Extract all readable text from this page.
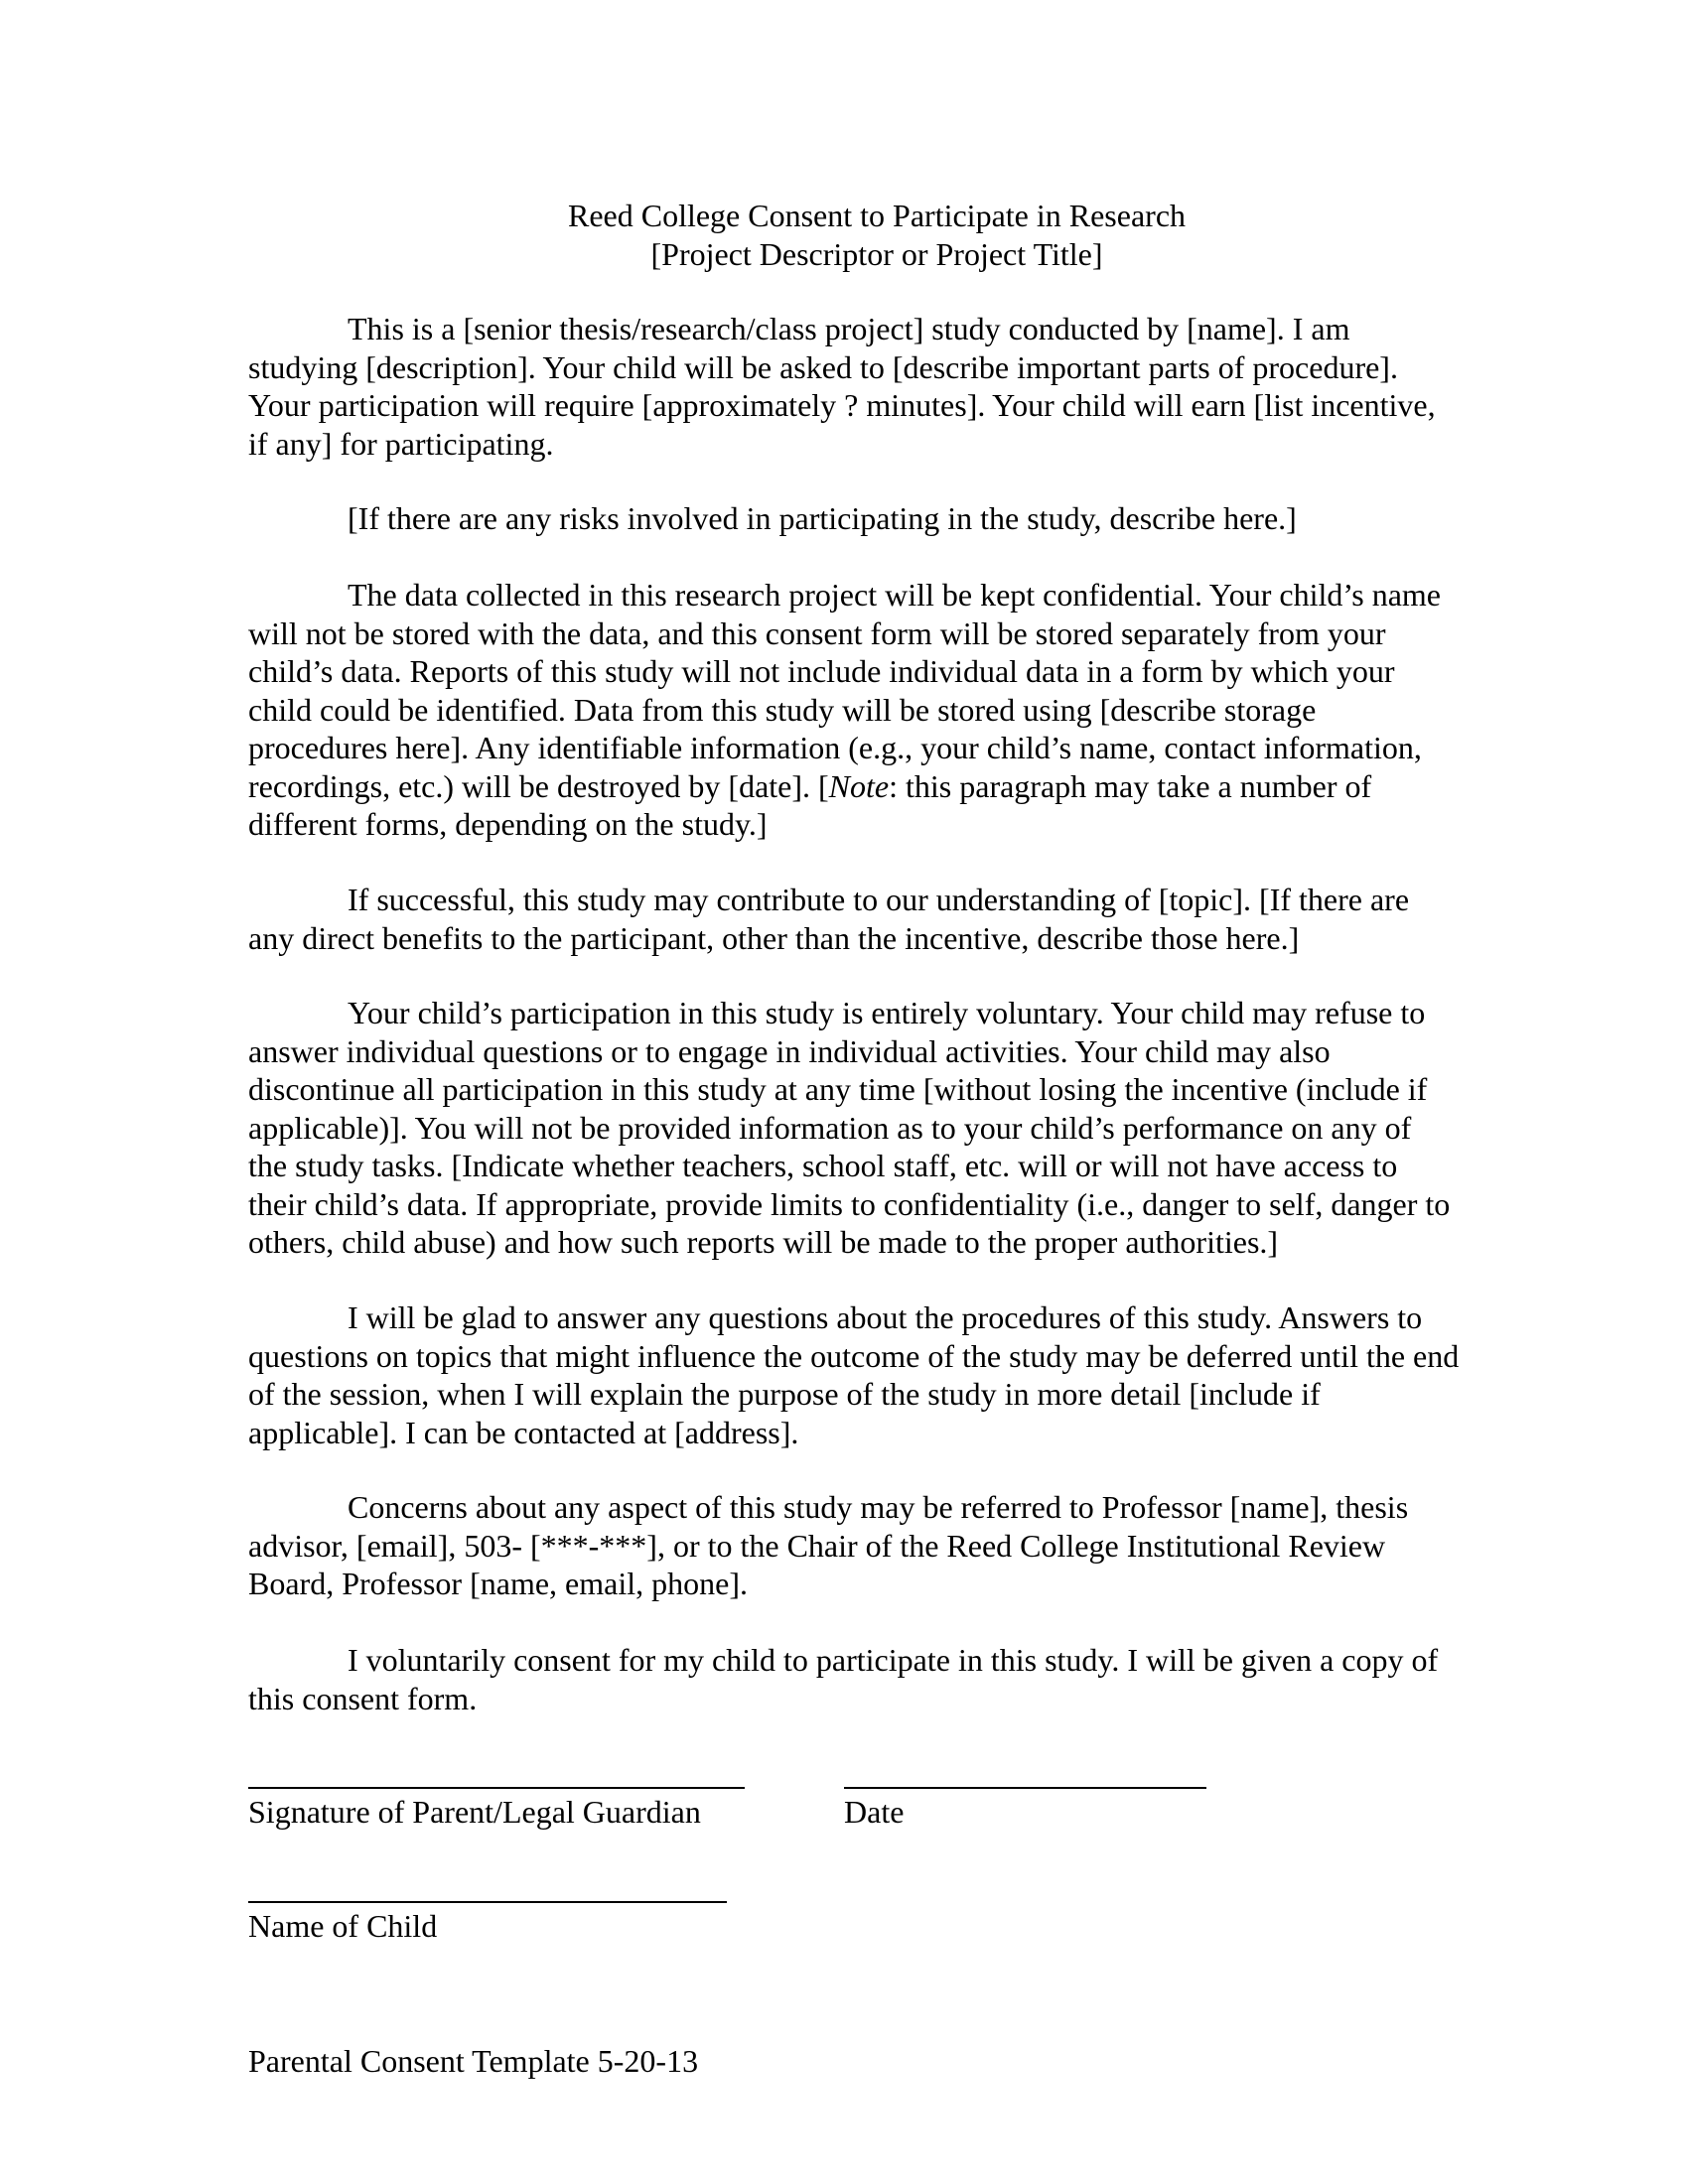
Reed College Consent to Participate in Research
[Project Descriptor or Project Title]
This is a [senior thesis/research/class project] study conducted by [name]. I am
studying [description]. Your child will be asked to [describe important parts of procedure].
Your participation will require [approximately ? minutes]. Your child will earn [list incentive,
if any] for participating.
[If there are any risks involved in participating in the study, describe here.]
The data collected in this research project will be kept confidential. Your child’s name
will not be stored with the data, and this consent form will be stored separately from your
child’s data. Reports of this study will not include individual data in a form by which your
child could be identified. Data from this study will be stored using [describe storage
procedures here]. Any identifiable information (e.g., your child’s name, contact information,
recordings, etc.) will be destroyed by [date]. [Note: this paragraph may take a number of
different forms, depending on the study.]
If successful, this study may contribute to our understanding of [topic]. [If there are
any direct benefits to the participant, other than the incentive, describe those here.]
Your child’s participation in this study is entirely voluntary. Your child may refuse to
answer individual questions or to engage in individual activities. Your child may also
discontinue all participation in this study at any time [without losing the incentive (include if
applicable)]. You will not be provided information as to your child’s performance on any of
the study tasks. [Indicate whether teachers, school staff, etc. will or will not have access to
their child’s data. If appropriate, provide limits to confidentiality (i.e., danger to self, danger to
others, child abuse) and how such reports will be made to the proper authorities.]
I will be glad to answer any questions about the procedures of this study. Answers to
questions on topics that might influence the outcome of the study may be deferred until the end
of the session, when I will explain the purpose of the study in more detail [include if
applicable]. I can be contacted at [address].
Concerns about any aspect of this study may be referred to Professor [name], thesis
advisor, [email], 503- [***-***], or to the Chair of the Reed College Institutional Review
Board, Professor [name, email, phone].
I voluntarily consent for my child to participate in this study. I will be given a copy of
this consent form.
Signature of Parent/Legal Guardian	Date
Name of Child
Parental Consent Template 5-20-13
